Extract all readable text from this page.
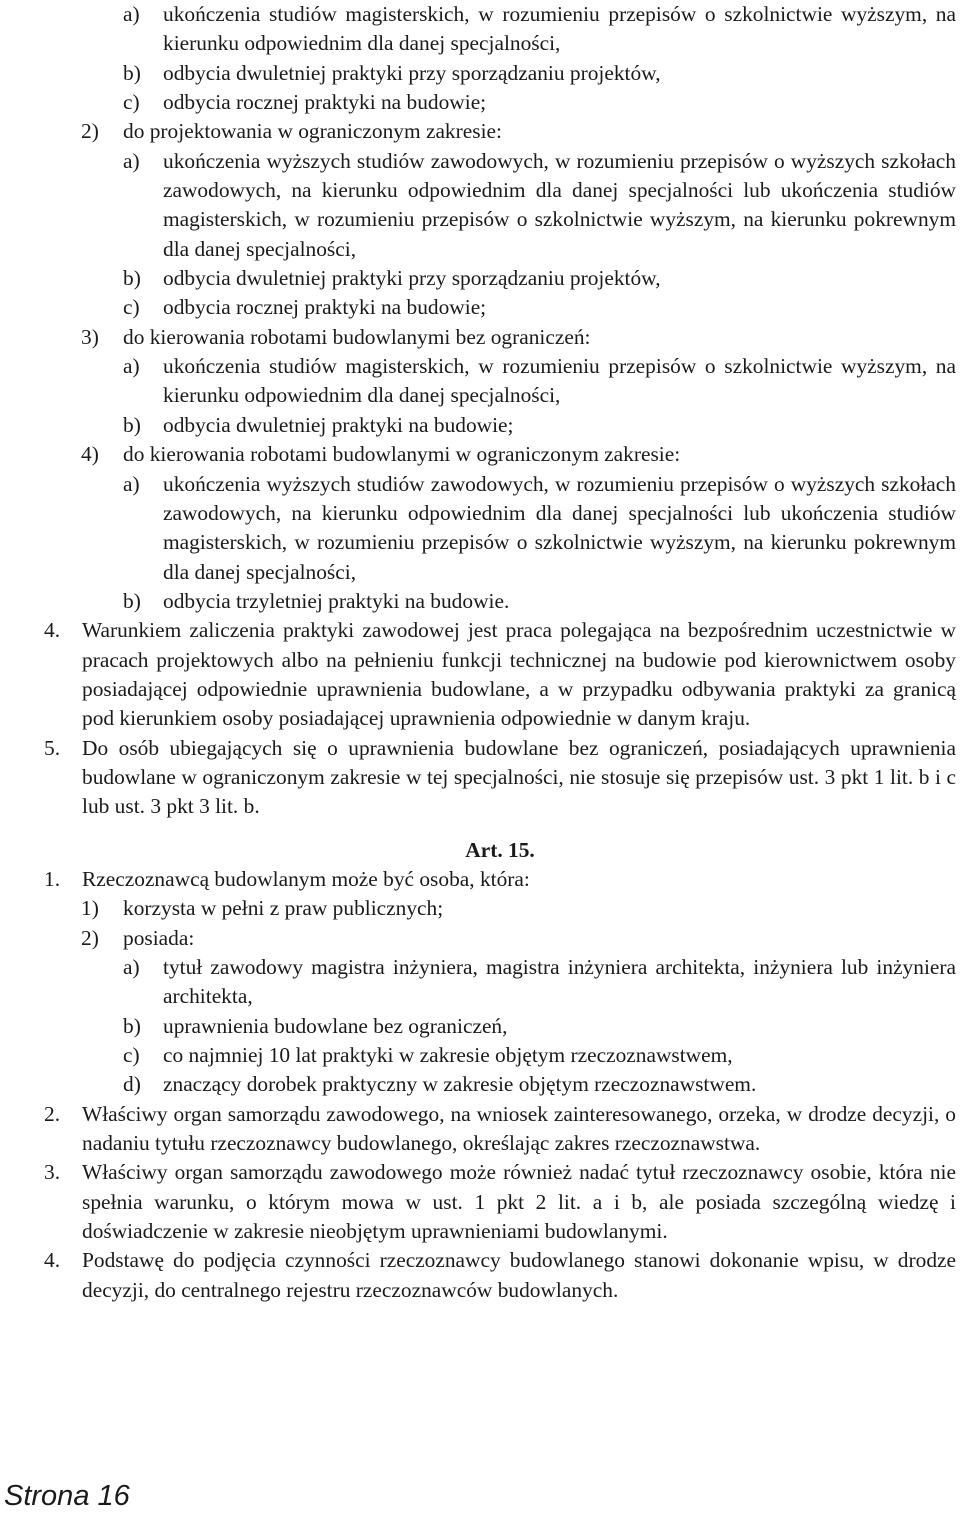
a) ukończenia studiów magisterskich, w rozumieniu przepisów o szkolnictwie wyższym, na kierunku odpowiednim dla danej specjalności,
b) odbycia dwuletniej praktyki przy sporządzaniu projektów,
c) odbycia rocznej praktyki na budowie;
2) do projektowania w ograniczonym zakresie:
a) ukończenia wyższych studiów zawodowych, w rozumieniu przepisów o wyższych szkołach zawodowych, na kierunku odpowiednim dla danej specjalności lub ukończenia studiów magisterskich, w rozumieniu przepisów o szkolnictwie wyższym, na kierunku pokrewnym dla danej specjalności,
b) odbycia dwuletniej praktyki przy sporządzaniu projektów,
c) odbycia rocznej praktyki na budowie;
3) do kierowania robotami budowlanymi bez ograniczeń:
a) ukończenia studiów magisterskich, w rozumieniu przepisów o szkolnictwie wyższym, na kierunku odpowiednim dla danej specjalności,
b) odbycia dwuletniej praktyki na budowie;
4) do kierowania robotami budowlanymi w ograniczonym zakresie:
a) ukończenia wyższych studiów zawodowych, w rozumieniu przepisów o wyższych szkołach zawodowych, na kierunku odpowiednim dla danej specjalności lub ukończenia studiów magisterskich, w rozumieniu przepisów o szkolnictwie wyższym, na kierunku pokrewnym dla danej specjalności,
b) odbycia trzyletniej praktyki na budowie.
4. Warunkiem zaliczenia praktyki zawodowej jest praca polegająca na bezpośrednim uczestnictwie w pracach projektowych albo na pełnieniu funkcji technicznej na budowie pod kierownictwem osoby posiadającej odpowiednie uprawnienia budowlane, a w przypadku odbywania praktyki za granicą pod kierunkiem osoby posiadającej uprawnienia odpowiednie w danym kraju.
5. Do osób ubiegających się o uprawnienia budowlane bez ograniczeń, posiadających uprawnienia budowlane w ograniczonym zakresie w tej specjalności, nie stosuje się przepisów ust. 3 pkt 1 lit. b i c lub ust. 3 pkt 3 lit. b.
Art. 15.
1. Rzeczoznawcą budowlanym może być osoba, która:
1) korzysta w pełni z praw publicznych;
2) posiada:
a) tytuł zawodowy magistra inżyniera, magistra inżyniera architekta, inżyniera lub inżyniera architekta,
b) uprawnienia budowlane bez ograniczeń,
c) co najmniej 10 lat praktyki w zakresie objętym rzeczoznawstwem,
d) znaczący dorobek praktyczny w zakresie objętym rzeczoznawstwem.
2. Właściwy organ samorządu zawodowego, na wniosek zainteresowanego, orzeka, w drodze decyzji, o nadaniu tytułu rzeczoznawcy budowlanego, określając zakres rzeczoznawstwa.
3. Właściwy organ samorządu zawodowego może również nadać tytuł rzeczoznawcy osobie, która nie spełnia warunku, o którym mowa w ust. 1 pkt 2 lit. a i b, ale posiada szczególną wiedzę i doświadczenie w zakresie nieobjętym uprawnieniami budowlanymi.
4. Podstawę do podjęcia czynności rzeczoznawcy budowlanego stanowi dokonanie wpisu, w drodze decyzji, do centralnego rejestru rzeczoznawców budowlanych.
Strona 16
